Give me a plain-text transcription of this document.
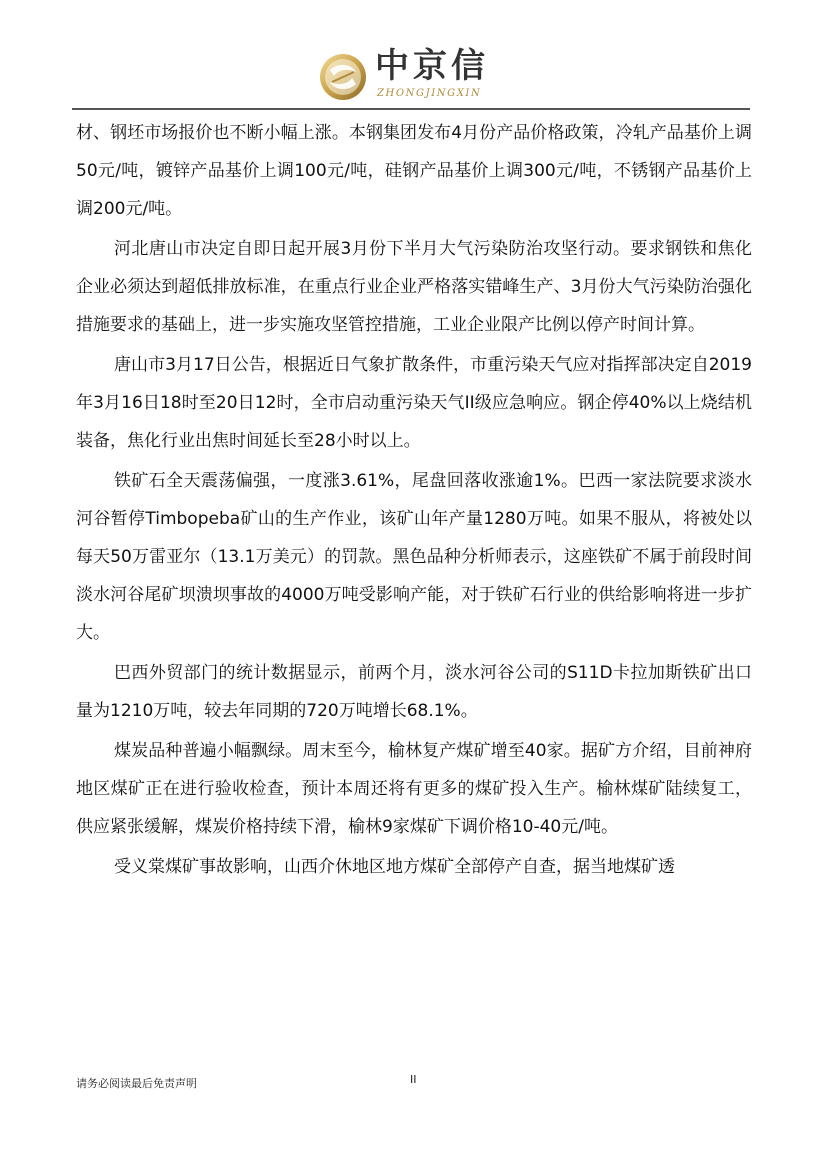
中京信
ZHONGJINGXIN

材、钢坯市场报价也不断小幅上涨。本钢集团发布4月份产品价格政策，冷轧产品基价上调50元/吨，镀锌产品基价上调100元/吨，硅钢产品基价上调300元/吨，不锈钢产品基价上调200元/吨。

河北唐山市决定自即日起开展3月份下半月大气污染防治攻坚行动。要求钢铁和焦化企业必须达到超低排放标准，在重点行业企业严格落实错峰生产、3月份大气污染防治强化措施要求的基础上，进一步实施攻坚管控措施，工业企业限产比例以停产时间计算。

唐山市3月17日公告，根据近日气象扩散条件，市重污染天气应对指挥部决定自2019年3月16日18时至20日12时，全市启动重污染天气II级应急响应。钢企停40%以上烧结机装备，焦化行业出焦时间延长至28小时以上。

铁矿石全天震荡偏强，一度涨3.61%，尾盘回落收涨逾1%。巴西一家法院要求淡水河谷暂停Timbopeba矿山的生产作业，该矿山年产量1280万吨。如果不服从，将被处以每天50万雷亚尔（13.1万美元）的罚款。黑色品种分析师表示，这座铁矿不属于前段时间淡水河谷尾矿坝溃坝事故的4000万吨受影响产能，对于铁矿石行业的供给影响将进一步扩大。

巴西外贸部门的统计数据显示，前两个月，淡水河谷公司的S11D卡拉加斯铁矿出口量为1210万吨，较去年同期的720万吨增长68.1%。

煤炭品种普遍小幅飘绿。周末至今，榆林复产煤矿增至40家。据矿方介绍，目前神府地区煤矿正在进行验收检查，预计本周还将有更多的煤矿投入生产。榆林煤矿陆续复工，供应紧张缓解，煤炭价格持续下滑，榆林9家煤矿下调价格10-40元/吨。

受义棠煤矿事故影响，山西介休地区地方煤矿全部停产自查，据当地煤矿透

请务必阅读最后免责声明	II
